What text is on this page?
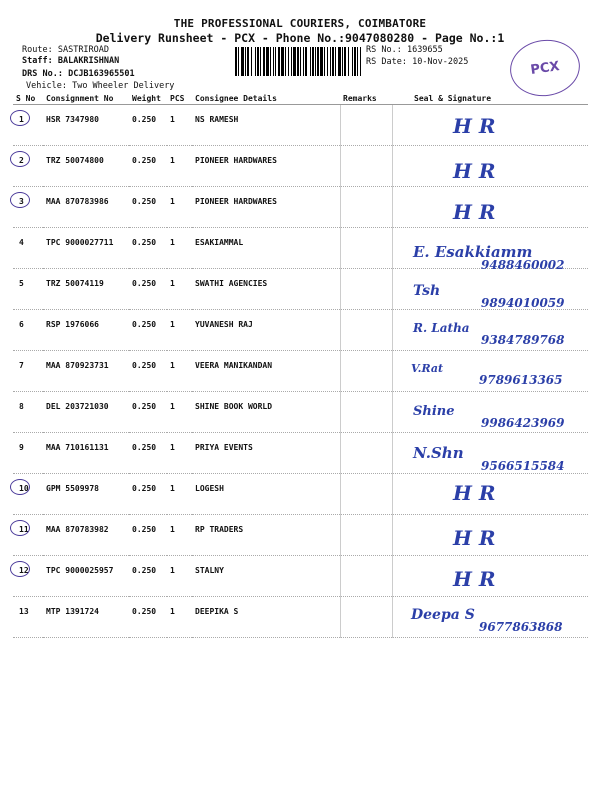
THE PROFESSIONAL COURIERS, COIMBATORE
Delivery Runsheet - PCX - Phone No.:9047080280 - Page No.:1
Route: SASTRIROAD
Staff: BALAKRISHNAN
DRS No.: DCJB163965501
Vehicle: Two Wheeler Delivery
RS No.: 1639655
RS Date: 10-Nov-2025	PCX
S No	Consignment No	Weight	PCS	Consignee Details	Remarks	Seal & Signature

1	HSR 7347980	0.250	1	NS RAMESH		H R

2	TRZ 50074800	0.250	1	PIONEER HARDWARES		H R

3	MAA 870783986	0.250	1	PIONEER HARDWARES		H R

4	TPC 9000027711	0.250	1	ESAKIAMMAL		E. Esakkiamm
9488460002

5	TRZ 50074119	0.250	1	SWATHI AGENCIES		Tsh
9894010059

6	RSP 1976066	0.250	1	YUVANESH RAJ		R. Latha
9384789768

7	MAA 870923731	0.250	1	VEERA MANIKANDAN		V.Rat
9789613365

8	DEL 203721030	0.250	1	SHINE BOOK WORLD		Shine
9986423969

9	MAA 710161131	0.250	1	PRIYA EVENTS		N.Shn
9566515584

10	GPM 5509978	0.250	1	LOGESH		H R

11	MAA 870783982	0.250	1	RP TRADERS		H R

12	TPC 9000025957	0.250	1	STALNY		H R

13	MTP 1391724	0.250	1	DEEPIKA S		Deepa S
9677863868
